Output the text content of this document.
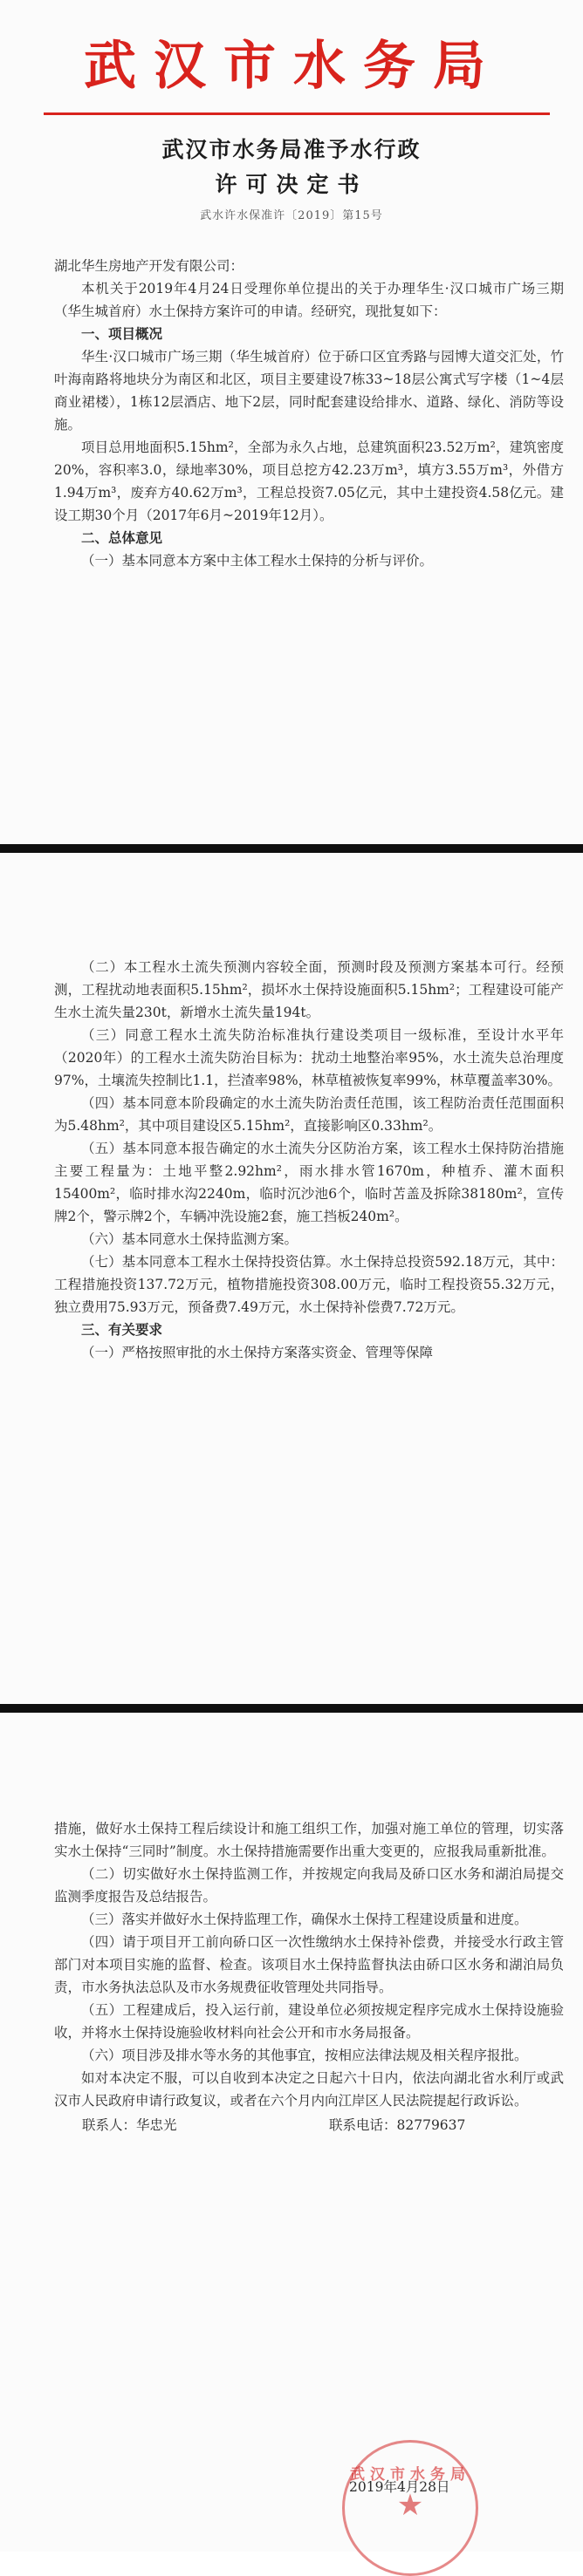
武汉市水务局
武汉市水务局准予水行政
许可决定书
武水许水保准许〔2019〕第15号

湖北华生房地产开发有限公司：

本机关于2019年4月24日受理你单位提出的关于办理华生·汉口城市广场三期（华生城首府）水土保持方案许可的申请。经研究，现批复如下：

一、项目概况

华生·汉口城市广场三期（华生城首府）位于硚口区宜秀路与园博大道交汇处，竹叶海南路将地块分为南区和北区，项目主要建设7栋33~18层公寓式写字楼（1~4层商业裙楼），1栋12层酒店、地下2层，同时配套建设给排水、道路、绿化、消防等设施。

项目总用地面积5.15hm²，全部为永久占地，总建筑面积23.52万m²，建筑密度20%，容积率3.0，绿地率30%，项目总挖方42.23万m³，填方3.55万m³，外借方1.94万m³，废弃方40.62万m³，工程总投资7.05亿元，其中土建投资4.58亿元。建设工期30个月（2017年6月~2019年12月）。

二、总体意见

（一）基本同意本方案中主体工程水土保持的分析与评价。

（二）本工程水土流失预测内容较全面，预测时段及预测方案基本可行。经预测，工程扰动地表面积5.15hm²，损坏水土保持设施面积5.15hm²；工程建设可能产生水土流失量230t，新增水土流失量194t。

（三）同意工程水土流失防治标准执行建设类项目一级标准，至设计水平年（2020年）的工程水土流失防治目标为：扰动土地整治率95%，水土流失总治理度97%，土壤流失控制比1.1，拦渣率98%，林草植被恢复率99%，林草覆盖率30%。

（四）基本同意本阶段确定的水土流失防治责任范围，该工程防治责任范围面积为5.48hm²，其中项目建设区5.15hm²，直接影响区0.33hm²。

（五）基本同意本报告确定的水土流失分区防治方案，该工程水土保持防治措施主要工程量为：土地平整2.92hm²，雨水排水管1670m，种植乔、灌木面积15400m²，临时排水沟2240m，临时沉沙池6个，临时苫盖及拆除38180m²，宣传牌2个，警示牌2个，车辆冲洗设施2套，施工挡板240m²。

（六）基本同意水土保持监测方案。

（七）基本同意本工程水土保持投资估算。水土保持总投资592.18万元，其中：工程措施投资137.72万元，植物措施投资308.00万元，临时工程投资55.32万元，独立费用75.93万元，预备费7.49万元，水土保持补偿费7.72万元。

三、有关要求

（一）严格按照审批的水土保持方案落实资金、管理等保障

措施，做好水土保持工程后续设计和施工组织工作，加强对施工单位的管理，切实落实水土保持“三同时”制度。水土保持措施需要作出重大变更的，应报我局重新批准。

（二）切实做好水土保持监测工作，并按规定向我局及硚口区水务和湖泊局提交监测季度报告及总结报告。

（三）落实并做好水土保持监理工作，确保水土保持工程建设质量和进度。

（四）请于项目开工前向硚口区一次性缴纳水土保持补偿费，并接受水行政主管部门对本项目实施的监督、检查。该项目水土保持监督执法由硚口区水务和湖泊局负责，市水务执法总队及市水务规费征收管理处共同指导。

（五）工程建成后，投入运行前，建设单位必须按规定程序完成水土保持设施验收，并将水土保持设施验收材料向社会公开和市水务局报备。

（六）项目涉及排水等水务的其他事宜，按相应法律法规及相关程序报批。

如对本决定不服，可以自收到本决定之日起六十日内，依法向湖北省水利厅或武汉市人民政府申请行政复议，或者在六个月内向江岸区人民法院提起行政诉讼。

联系人：华忠光	联系电话：82779637
2019年4月28日
武汉市水务局
★
